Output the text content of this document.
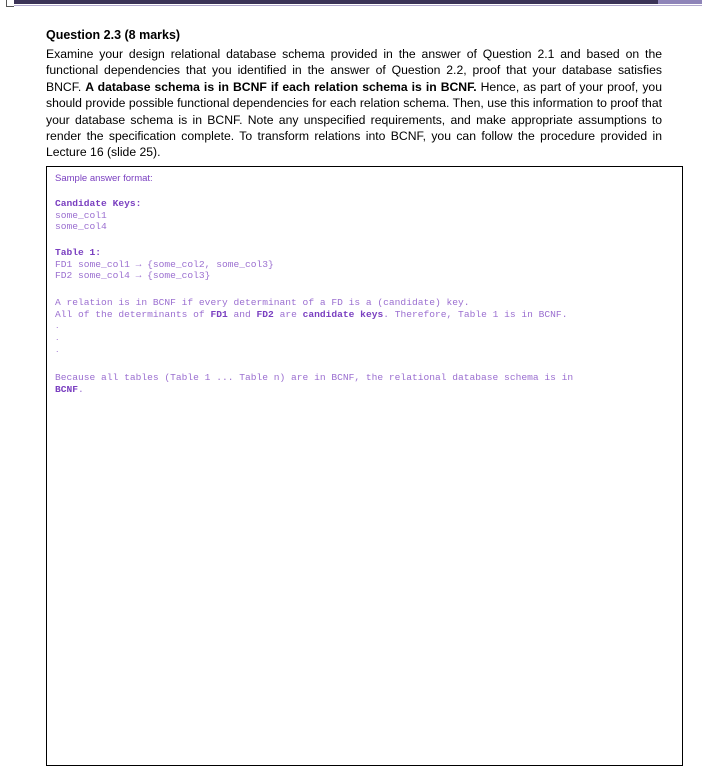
Question 2.3 (8 marks)
Examine your design relational database schema provided in the answer of Question 2.1 and based on the functional dependencies that you identified in the answer of Question 2.2, proof that your database satisfies BNCF. A database schema is in BCNF if each relation schema is in BCNF. Hence, as part of your proof, you should provide possible functional dependencies for each relation schema. Then, use this information to proof that your database schema is in BCNF. Note any unspecified requirements, and make appropriate assumptions to render the specification complete. To transform relations into BCNF, you can follow the procedure provided in Lecture 16 (slide 25).
Sample answer format:
Candidate Keys:
some_col1
some_col4
Table 1:
FD1 some_col1 → {some_col2, some_col3}
FD2 some_col4 → {some_col3}
A relation is in BCNF if every determinant of a FD is a (candidate) key.
All of the determinants of FD1 and FD2 are candidate keys. Therefore, Table 1 is in BCNF.
.
.
.
Because all tables (Table 1 ... Table n) are in BCNF, the relational database schema is in
BCNF.
